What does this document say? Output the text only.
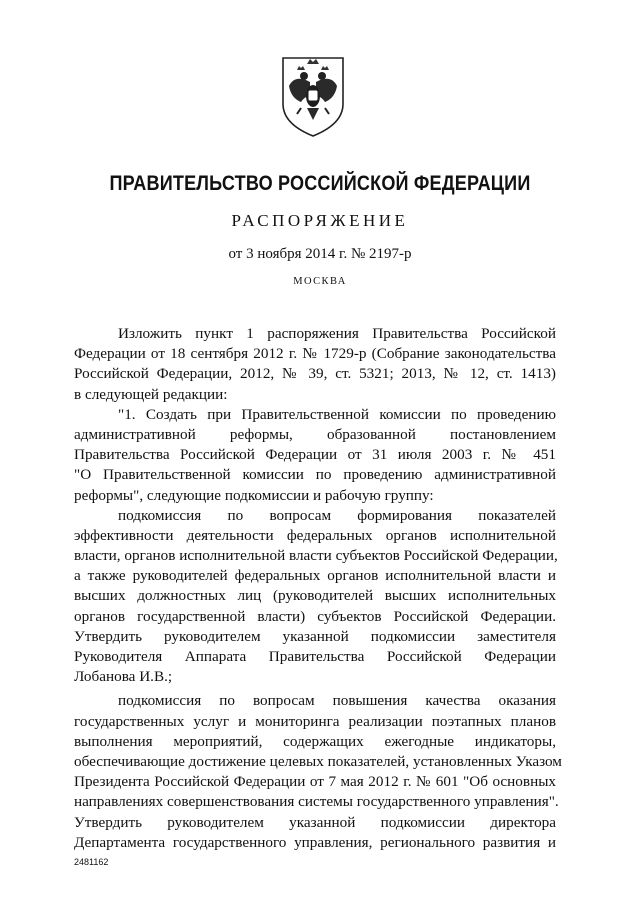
ПРАВИТЕЛЬСТВО РОССИЙСКОЙ ФЕДЕРАЦИИ
РАСПОРЯЖЕНИЕ
от 3 ноября 2014 г. № 2197-р
МОСКВА
Изложить пункт 1 распоряжения Правительства Российской
Федерации от 18 сентября 2012 г. № 1729-р (Собрание законодательства
Российской Федерации, 2012, № 39, ст. 5321; 2013, № 12, ст. 1413)
в следующей редакции:
"1. Создать при Правительственной комиссии по проведению
административной реформы, образованной постановлением
Правительства Российской Федерации от 31 июля 2003 г. № 451
"О Правительственной комиссии по проведению административной
реформы", следующие подкомиссии и рабочую группу:
подкомиссия по вопросам формирования показателей
эффективности деятельности федеральных органов исполнительной
власти, органов исполнительной власти субъектов Российской Федерации,
а также руководителей федеральных органов исполнительной власти и
высших должностных лиц (руководителей высших исполнительных
органов государственной власти) субъектов Российской Федерации.
Утвердить руководителем указанной подкомиссии заместителя
Руководителя Аппарата Правительства Российской Федерации
Лобанова И.В.;
подкомиссия по вопросам повышения качества оказания
государственных услуг и мониторинга реализации поэтапных планов
выполнения мероприятий, содержащих ежегодные индикаторы,
обеспечивающие достижение целевых показателей, установленных Указом
Президента Российской Федерации от 7 мая 2012 г. № 601 "Об основных
направлениях совершенствования системы государственного управления".
Утвердить руководителем указанной подкомиссии директора
Департамента государственного управления, регионального развития и
2481162
